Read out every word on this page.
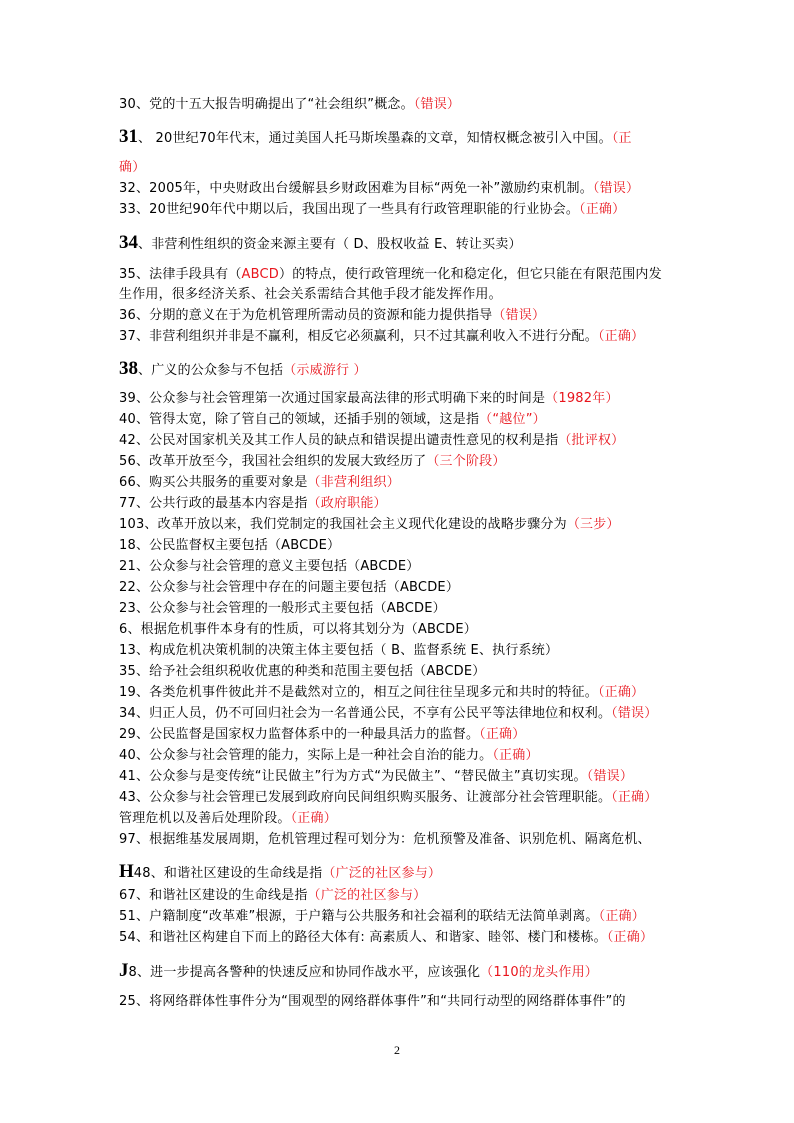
30、党的十五大报告明确提出了“社会组织”概念。（错误）
31、 20世纪70年代末，通过美国人托马斯埃墨森的文章，知情权概念被引入中国。（正
确）
32、2005年，中央财政出台缓解县乡财政困难为目标“两免一补”激励约束机制。（错误）
33、20世纪90年代中期以后，我国出现了一些具有行政管理职能的行业协会。（正确）
34、非营利性组织的资金来源主要有（ D、股权收益 E、转让买卖）
35、法律手段具有（ABCD）的特点，使行政管理统一化和稳定化，但它只能在有限范围内发
生作用，很多经济关系、社会关系需结合其他手段才能发挥作用。
36、分期的意义在于为危机管理所需动员的资源和能力提供指导（错误）
37、非营利组织并非是不赢利，相反它必须赢利，只不过其赢利收入不进行分配。（正确）
38、广义的公众参与不包括（示威游行 ）
39、公众参与社会管理第一次通过国家最高法律的形式明确下来的时间是（1982年）
40、管得太宽，除了管自己的领域，还插手别的领域，这是指（“越位”）
42、公民对国家机关及其工作人员的缺点和错误提出谴责性意见的权利是指（批评权）
56、改革开放至今，我国社会组织的发展大致经历了（三个阶段）
66、购买公共服务的重要对象是（非营利组织）
77、公共行政的最基本内容是指（政府职能）
103、改革开放以来，我们党制定的我国社会主义现代化建设的战略步骤分为（三步）
18、公民监督权主要包括（ABCDE）
21、公众参与社会管理的意义主要包括（ABCDE）
22、公众参与社会管理中存在的问题主要包括（ABCDE）
23、公众参与社会管理的一般形式主要包括（ABCDE）
6、根据危机事件本身有的性质，可以将其划分为（ABCDE）
13、构成危机决策机制的决策主体主要包括（ B、监督系统 E、执行系统）
35、给予社会组织税收优惠的种类和范围主要包括（ABCDE）
19、各类危机事件彼此并不是截然对立的，相互之间往往呈现多元和共时的特征。（正确）
34、归正人员，仍不可回归社会为一名普通公民，不享有公民平等法律地位和权利。（错误）
29、公民监督是国家权力监督体系中的一种最具活力的监督。（正确）
40、公众参与社会管理的能力，实际上是一种社会自治的能力。（正确）
41、公众参与是变传统“让民做主”行为方式“为民做主”、“替民做主”真切实现。（错误）
43、公众参与社会管理已发展到政府向民间组织购买服务、让渡部分社会管理职能。（正确）
管理危机以及善后处理阶段。（正确）
97、根据维基发展周期，危机管理过程可划分为：危机预警及准备、识别危机、隔离危机、
H48、和谐社区建设的生命线是指（广泛的社区参与）
67、和谐社区建设的生命线是指（广泛的社区参与）
51、户籍制度“改革难”根源，于户籍与公共服务和社会福利的联结无法简单剥离。（正确）
54、和谐社区构建自下而上的路径大体有: 高素质人、和谐家、睦邻、楼门和楼栋。（正确）
J8、进一步提高各警种的快速反应和协同作战水平，应该强化（110的龙头作用）
25、将网络群体性事件分为“围观型的网络群体事件”和“共同行动型的网络群体事件”的
2
